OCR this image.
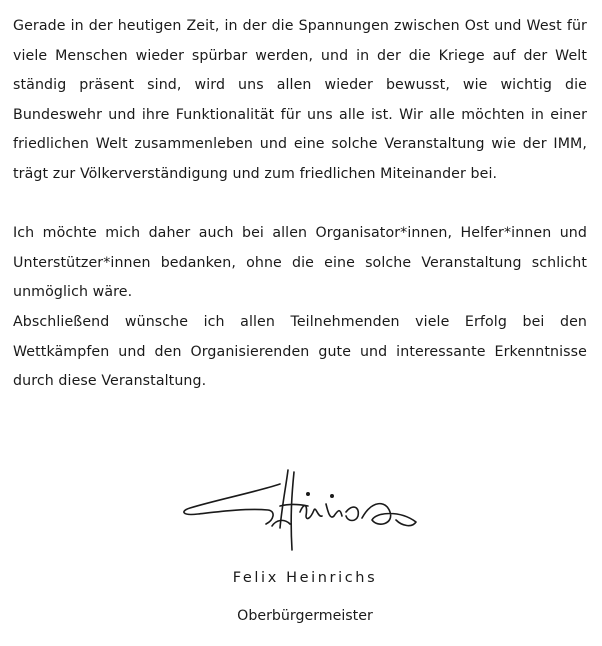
Gerade in der heutigen Zeit, in der die Spannungen zwischen Ost und West für viele Menschen wieder spürbar werden, und in der die Kriege auf der Welt ständig präsent sind, wird uns allen wieder bewusst, wie wichtig die Bundeswehr und ihre Funktionalität für uns alle ist. Wir alle möchten in einer friedlichen Welt zusammenleben und eine solche Veranstaltung wie der IMM, trägt zur Völkerverständigung und zum friedlichen Miteinander bei.

Ich möchte mich daher auch bei allen Organisator*innen, Helfer*innen und Unterstützer*innen bedanken, ohne die eine solche Veranstaltung schlicht unmöglich wäre.

Abschließend wünsche ich allen Teilnehmenden viele Erfolg bei den Wettkämpfen und den Organisierenden gute und interessante Erkenntnisse durch diese Veranstaltung.

Felix Heinrichs
Oberbürgermeister
